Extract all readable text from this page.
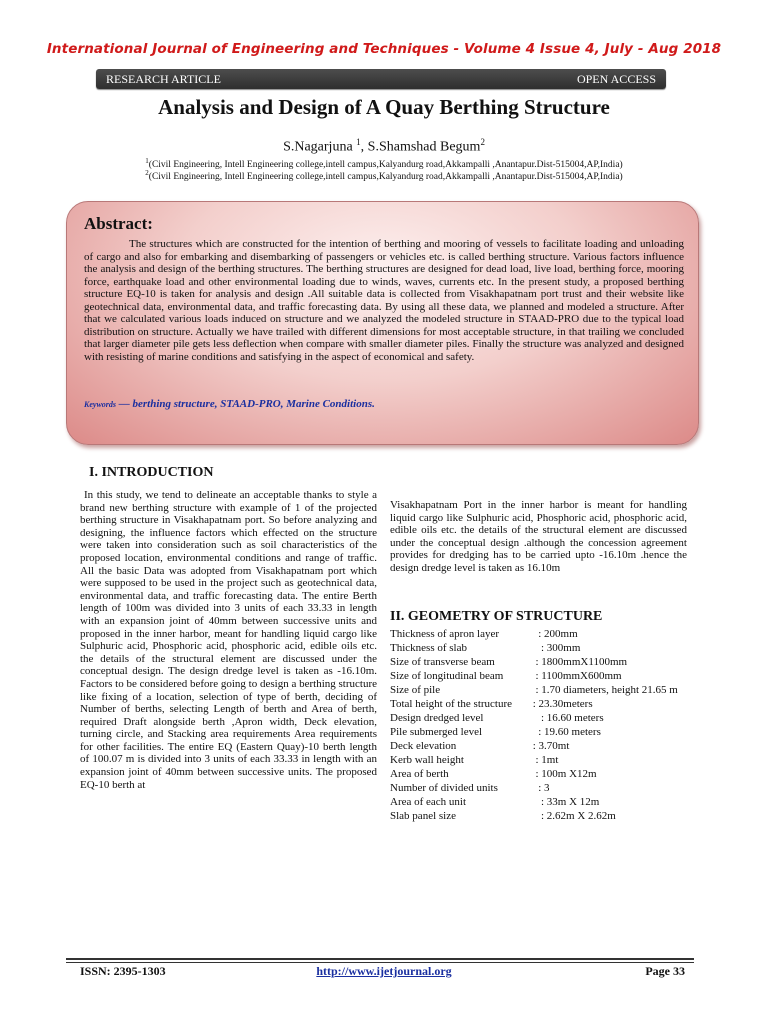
International Journal of Engineering and Techniques - Volume 4 Issue 4, July - Aug 2018
RESEARCH ARTICLE	OPEN ACCESS
Analysis and Design of A Quay Berthing Structure
S.Nagarjuna $^1$, S.Shamshad Begum$^2$
$^1$(Civil Engineering, Intell Engineering college,intell campus,Kalyandurg road,Akkampalli ,Anantapur.Dist-515004,AP,India)
$^2$(Civil Engineering, Intell Engineering college,intell campus,Kalyandurg road,Akkampalli ,Anantapur.Dist-515004,AP,India)
Abstract:
The structures which are constructed for the intention of berthing and mooring of vessels to facilitate loading and unloading of cargo and also for embarking and disembarking of passengers or vehicles etc. is called berthing structure. Various factors influence the analysis and design of the berthing structures. The berthing structures are designed for dead load, live load, berthing force, mooring force, earthquake load and other environmental loading due to winds, waves, currents etc. In the present study, a proposed berthing structure EQ-10 is taken for analysis and design .All suitable data is collected from Visakhapatnam port trust and their website like geotechnical data, environmental data, and traffic forecasting data. By using all these data, we planned and modeled a structure. After that we calculated various loads induced on structure and we analyzed the modeled structure in STAAD-PRO due to the typical load distribution on structure. Actually we have trailed with different dimensions for most acceptable structure, in that trailing we concluded that larger diameter pile gets less deflection when compare with smaller diameter piles. Finally the structure was analyzed and designed with resisting of marine conditions and satisfying in the aspect of economical and safety.
Keywords — berthing structure, STAAD-PRO, Marine Conditions.
I. INTRODUCTION
In this study, we tend to delineate an acceptable thanks to style a brand new berthing structure with example of 1 of the projected berthing structure in Visakhapatnam port. So before analyzing and designing, the influence factors which effected on the structure were taken into consideration such as soil characteristics of the proposed location, environmental conditions and range of traffic. All the basic Data was adopted from Visakhapatnam port which were supposed to be used in the project such as geotechnical data, environmental data, and traffic forecasting data. The entire Berth length of 100m was divided into 3 units of each 33.33 in length with an expansion joint of 40mm between successive units and proposed in the inner harbor, meant for handling liquid cargo like Sulphuric acid, Phosphoric acid, phosphoric acid, edible oils etc. the details of the structural element are discussed under the conceptual design. The design dredge level is taken as -16.10m. Factors to be considered before going to design a berthing structure like fixing of a location, selection of type of berth, deciding of Number of berths, selecting Length of berth and Area of berth, required Draft alongside berth ,Apron width, Deck elevation, turning circle, and Stacking area requirements Area requirements for other facilities. The entire EQ (Eastern Quay)-10 berth length of 100.07 m is divided into 3 units of each 33.33 in length with an expansion joint of 40mm between successive units. The proposed EQ-10 berth at
Visakhapatnam Port in the inner harbor is meant for handling liquid cargo like Sulphuric acid, Phosphoric acid, phosphoric acid, edible oils etc. the details of the structural element are discussed under the conceptual design .although the concession agreement provides for dredging has to be carried upto -16.10m .hence the design dredge level is taken as 16.10m
II. GEOMETRY OF STRUCTURE
Thickness of apron layer	: 200mm
Thickness of slab	: 300mm
Size of transverse beam	: 1800mmX1100mm
Size of longitudinal beam	: 1100mmX600mm
Size of pile	: 1.70 diameters, height 21.65 m
Total height of the structure	: 23.30meters
Design dredged level	: 16.60 meters
Pile submerged level	: 19.60 meters
Deck elevation	: 3.70mt
Kerb wall height	: 1mt
Area of berth	: 100m X12m
Number of divided units	: 3
Area of each unit	: 33m X 12m
Slab panel size	: 2.62m X 2.62m
ISSN: 2395-1303	http://www.ijetjournal.org	Page 33
